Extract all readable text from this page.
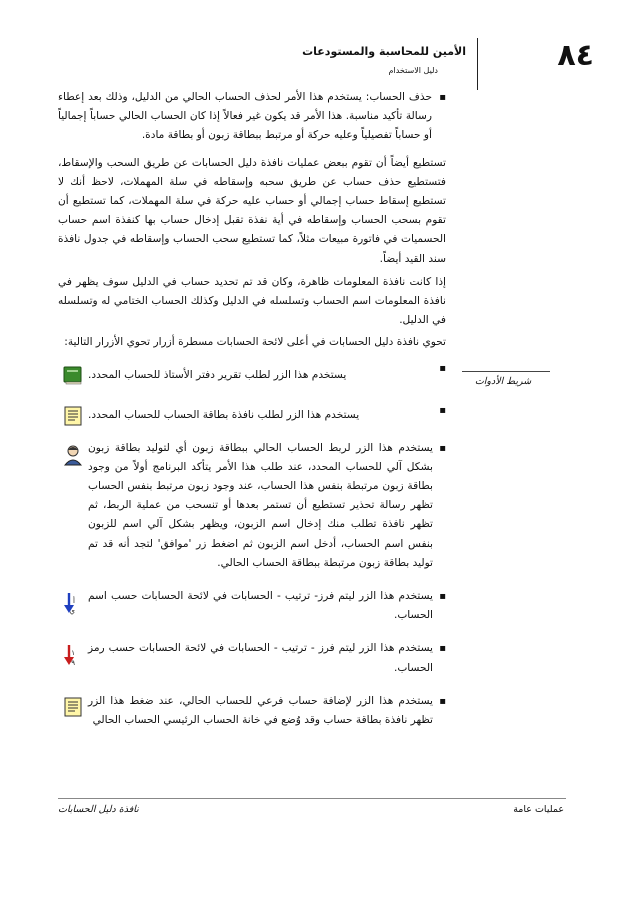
٨٤
الأمين للمحاسبة والمستودعات
دليل الاستخدام
شريط الأدوات

▪ حذف الحساب: يستخدم هذا الأمر لحذف الحساب الحالي من الدليل، وذلك بعد إعطاء رسالة تأكيد مناسبة. هذا الأمر قد يكون غير فعالاً إذا كان الحساب الحالي حساباً إجمالياً أو حساباً تفصيلياً وعليه حركة أو مرتبط ببطاقة زبون أو بطاقة مادة.

تستطيع أيضاً أن تقوم ببعض عمليات نافذة دليل الحسابات عن طريق السحب والإسقاط، فتستطيع حذف حساب عن طريق سحبه وإسقاطه في سلة المهملات، لاحظ أنك لا تستطيع إسقاط حساب إجمالي أو حساب عليه حركة في سلة المهملات، كما تستطيع أن تقوم بسحب الحساب وإسقاطه في أية نفذة تقبل إدخال حساب بها كنفذة اسم حساب الحسميات في فاتورة مبيعات مثلاً، كما تستطيع سحب الحساب وإسقاطه في جدول نافذة سند القيد أيضاً.

إذا كانت نافذة المعلومات ظاهرة، وكان قد تم تحديد حساب في الدليل سوف يظهر في نافذة المعلومات اسم الحساب وتسلسله في الدليل وكذلك الحساب الختامي له وتسلسله في الدليل.

تحوي نافذة دليل الحسابات في أعلى لائحة الحسابات مسطرة أزرار تحوي الأزرار التالية:

▪ يستخدم هذا الزر لطلب تقرير دفتر الأستاذ للحساب المحدد.
▪ يستخدم هذا الزر لطلب نافذة بطاقة الحساب للحساب المحدد.
▪ يستخدم هذا الزر لربط الحساب الحالي ببطاقة زبون أي لتوليد بطاقة زبون بشكل آلي للحساب المحدد، عند طلب هذا الأمر يتأكد البرنامج أولاً من وجود بطاقة زبون مرتبطة بنفس هذا الحساب، عند وجود زبون مرتبط بنفس الحساب تظهر رسالة تحذير تستطيع أن تستمر بعدها أو تنسحب من عملية الربط، ثم تظهر نافذة تطلب منك إدخال اسم الزبون، ويظهر بشكل آلي اسم للزبون بنفس اسم الحساب، أدخل اسم الزبون ثم اضغط زر 'موافق' لتجد أنه قد تم توليد بطاقة زبون مرتبطة ببطاقة الحساب الحالي.
▪ يستخدم هذا الزر ليتم فرز- ترتيب - الحسابات في لائحة الحسابات حسب اسم الحساب.
أ
ي
▪ يستخدم هذا الزر ليتم فرز - ترتيب - الحسابات في لائحة الحسابات حسب رمز الحساب.
١
٩
▪ يستخدم هذا الزر لإضافة حساب فرعي للحساب الحالي، عند ضغط هذا الزر تظهر نافذة بطاقة حساب وقد وُضع في خانة الحساب الرئيسي الحساب الحالي
عمليات عامة
نافذة دليل الحسابات
